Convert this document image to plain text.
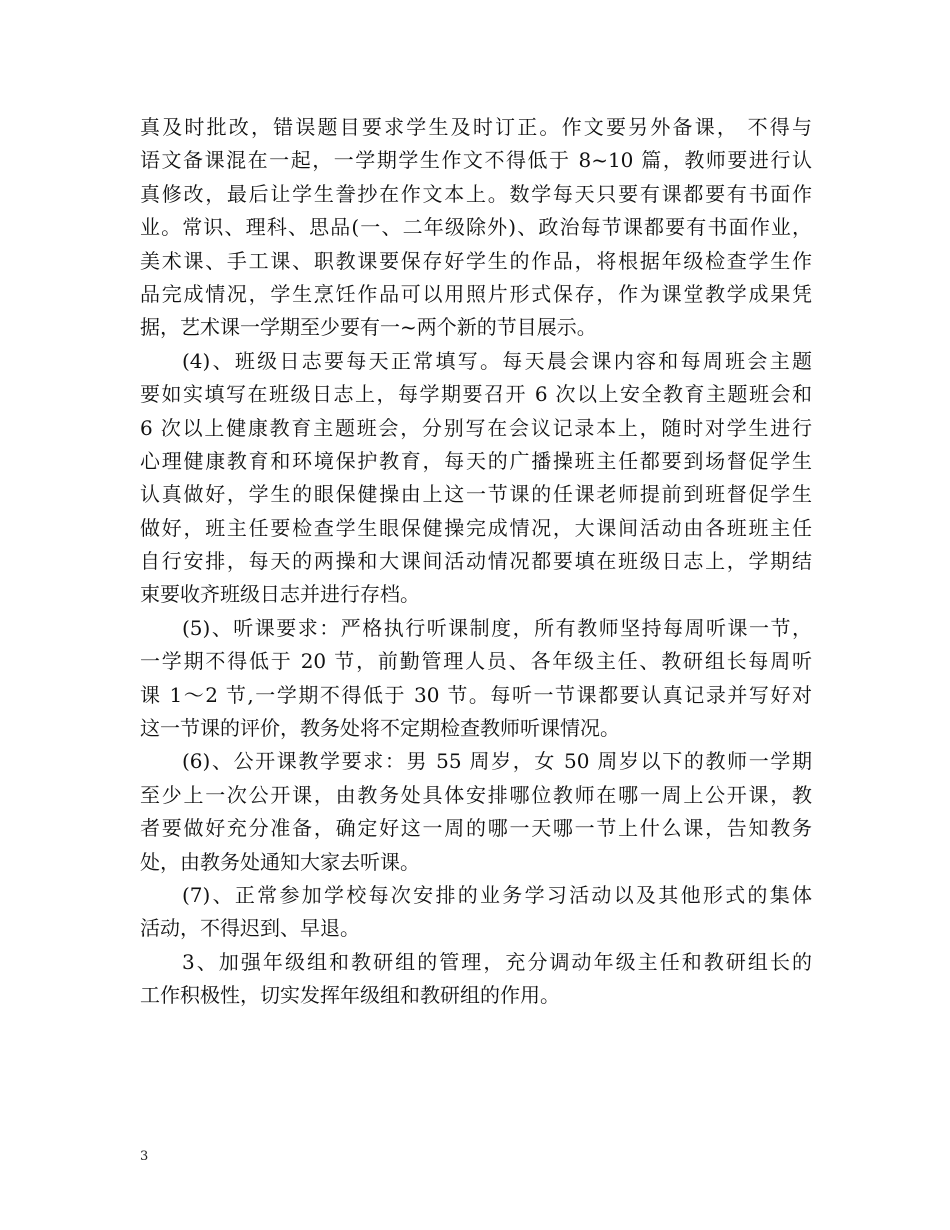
真及时批改，错误题目要求学生及时订正。作文要另外备课， 不得与
语文备课混在一起，一学期学生作文不得低于 8~10 篇，教师要进行认
真修改，最后让学生誊抄在作文本上。数学每天只要有课都要有书面作
业。常识、理科、思品(一、二年级除外)、政治每节课都要有书面作业，
美术课、手工课、职教课要保存好学生的作品，将根据年级检查学生作
品完成情况，学生烹饪作品可以用照片形式保存，作为课堂教学成果凭
据，艺术课一学期至少要有一~两个新的节目展示。
(4)、班级日志要每天正常填写。每天晨会课内容和每周班会主题
要如实填写在班级日志上，每学期要召开 6 次以上安全教育主题班会和
6 次以上健康教育主题班会，分别写在会议记录本上，随时对学生进行
心理健康教育和环境保护教育，每天的广播操班主任都要到场督促学生
认真做好，学生的眼保健操由上这一节课的任课老师提前到班督促学生
做好，班主任要检查学生眼保健操完成情况，大课间活动由各班班主任
自行安排，每天的两操和大课间活动情况都要填在班级日志上，学期结
束要收齐班级日志并进行存档。
(5)、听课要求：严格执行听课制度，所有教师坚持每周听课一节，
一学期不得低于 20 节，前勤管理人员、各年级主任、教研组长每周听
课 1～2 节,一学期不得低于 30 节。每听一节课都要认真记录并写好对
这一节课的评价，教务处将不定期检查教师听课情况。
(6)、公开课教学要求：男 55 周岁，女 50 周岁以下的教师一学期
至少上一次公开课，由教务处具体安排哪位教师在哪一周上公开课，教
者要做好充分准备，确定好这一周的哪一天哪一节上什么课，告知教务
处，由教务处通知大家去听课。
(7)、正常参加学校每次安排的业务学习活动以及其他形式的集体
活动，不得迟到、早退。
3、加强年级组和教研组的管理，充分调动年级主任和教研组长的
工作积极性，切实发挥年级组和教研组的作用。
3
